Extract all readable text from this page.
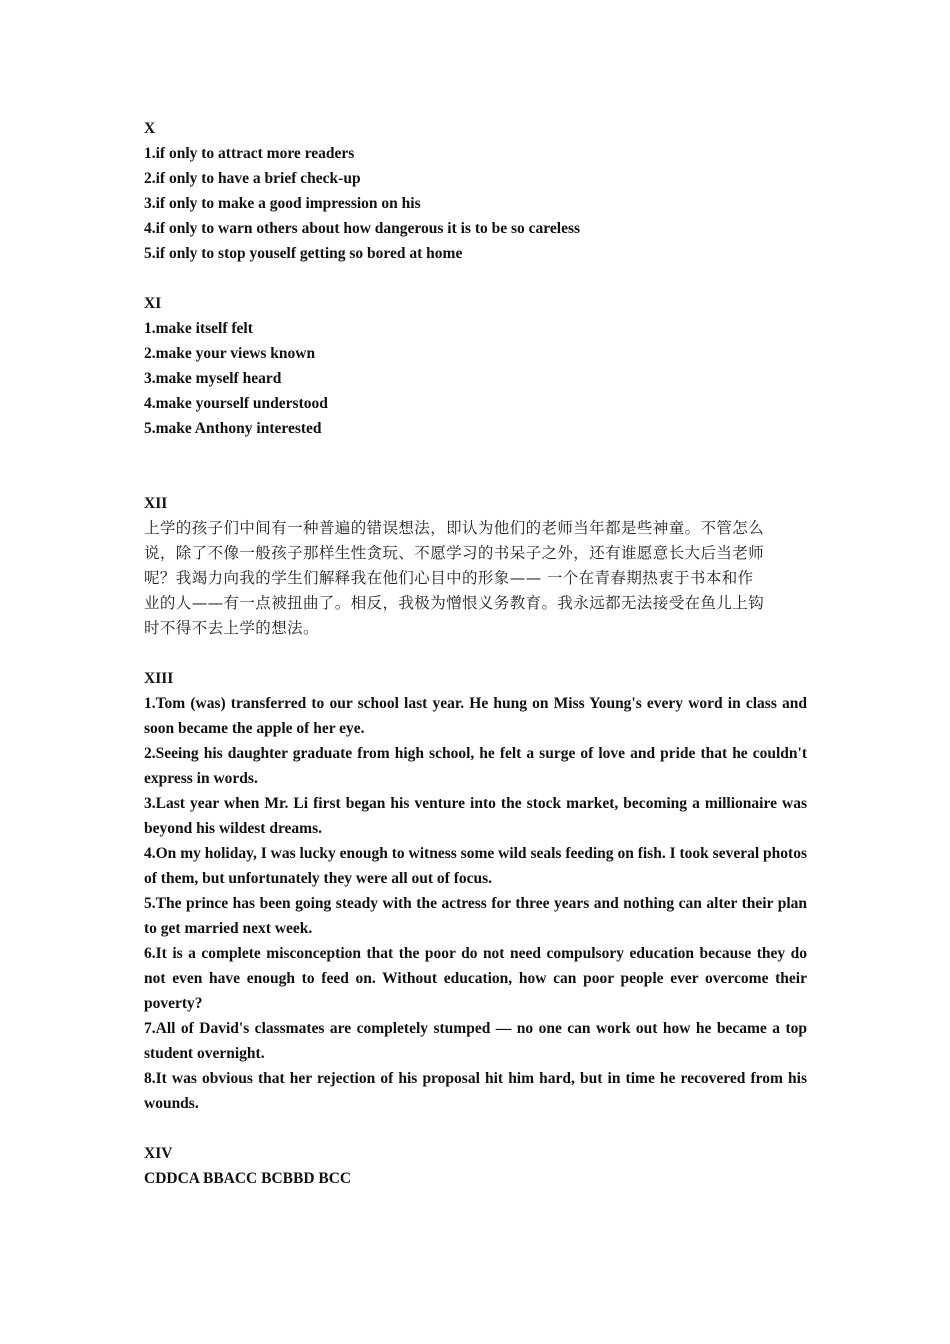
X
1.if only to attract more readers
2.if only to have a brief check-up
3.if only to make a good impression on his
4.if only to warn others about how dangerous it is to be so careless
5.if only to stop youself getting so bored at home
XI
1.make itself felt
2.make your views known
3.make myself heard
4.make yourself understood
5.make Anthony interested
XII
上学的孩子们中间有一种普遍的错误想法，即认为他们的老师当年都是些神童。不管怎么
说，除了不像一般孩子那样生性贪玩、不愿学习的书呆子之外，还有谁愿意长大后当老师
呢？我竭力向我的学生们解释我在他们心目中的形象—— 一个在青春期热衷于书本和作
业的人——有一点被扭曲了。相反，我极为憎恨义务教育。我永远都无法接受在鱼儿上钩
时不得不去上学的想法。
XIII
1.Tom (was) transferred to our school last year. He hung on Miss Young's every word in class and soon became the apple of her eye.
2.Seeing his daughter graduate from high school, he felt a surge of love and pride that he couldn't express in words.
3.Last year when Mr. Li first began his venture into the stock market, becoming a millionaire was beyond his wildest dreams.
4.On my holiday, I was lucky enough to witness some wild seals feeding on fish. I took several photos of them, but unfortunately they were all out of focus.
5.The prince has been going steady with the actress for three years and nothing can alter their plan to get married next week.
6.It is a complete misconception that the poor do not need compulsory education because they do not even have enough to feed on. Without education, how can poor people ever overcome their poverty?
7.All of David's classmates are completely stumped — no one can work out how he became a top student overnight.
8.It was obvious that her rejection of his proposal hit him hard, but in time he recovered from his wounds.
XIV
CDDCA BBACC BCBBD BCC
